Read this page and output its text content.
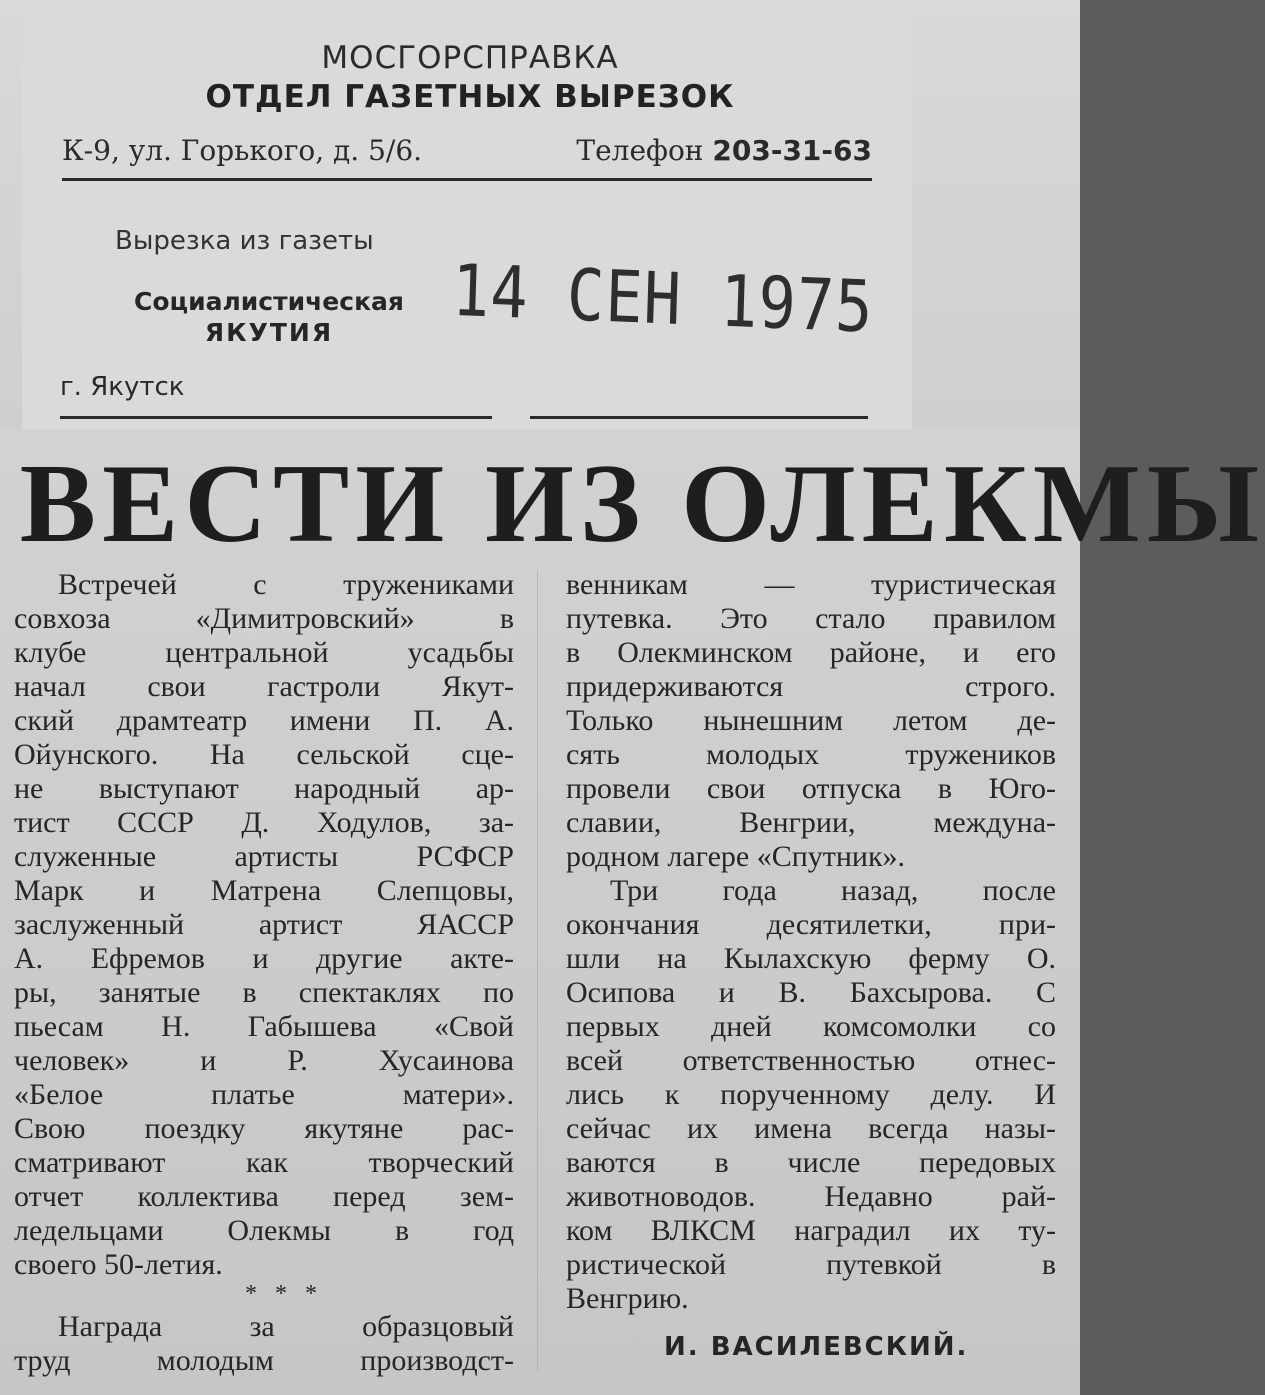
МОСГОРСПРАВКА
ОТДЕЛ ГАЗЕТНЫХ ВЫРЕЗОК
К-9, ул. Горького, д. 5/6.	Телефон 203-31-63
Вырезка из газеты
Социалистическая
ЯКУТИЯ	14 СЕН 1975
г. Якутск
ВЕСТИ ИЗ ОЛЕКМЫ
Встречей с тружениками
совхоза «Димитровский» в
клубе центральной усадьбы
начал свои гастроли Якут-
ский драмтеатр имени П. А.
Ойунского. На сельской сце-
не выступают народный ар-
тист СССР Д. Ходулов, за-
служенные артисты РСФСР
Марк и Матрена Слепцовы,
заслуженный артист ЯАССР
А. Ефремов и другие акте-
ры, занятые в спектаклях по
пьесам Н. Габышева «Свой
человек» и Р. Хусаинова
«Белое платье матери».
Свою поездку якутяне рас-
сматривают как творческий
отчет коллектива перед зем-
ледельцами Олекмы в год
своего 50-летия.
* * *
Награда за образцовый
труд молодым производст-
венникам — туристическая
путевка. Это стало правилом
в Олекминском районе, и его
придерживаются строго.
Только нынешним летом де-
сять молодых тружеников
провели свои отпуска в Юго-
славии, Венгрии, междуна-
родном лагере «Спутник».
Три года назад, после
окончания десятилетки, при-
шли на Кылахскую ферму О.
Осипова и В. Бахсырова. С
первых дней комсомолки со
всей ответственностью отнес-
лись к порученному делу. И
сейчас их имена всегда назы-
ваются в числе передовых
животноводов. Недавно рай-
ком ВЛКСМ наградил их ту-
ристической путевкой в
Венгрию.
И. ВАСИЛЕВСКИЙ.
